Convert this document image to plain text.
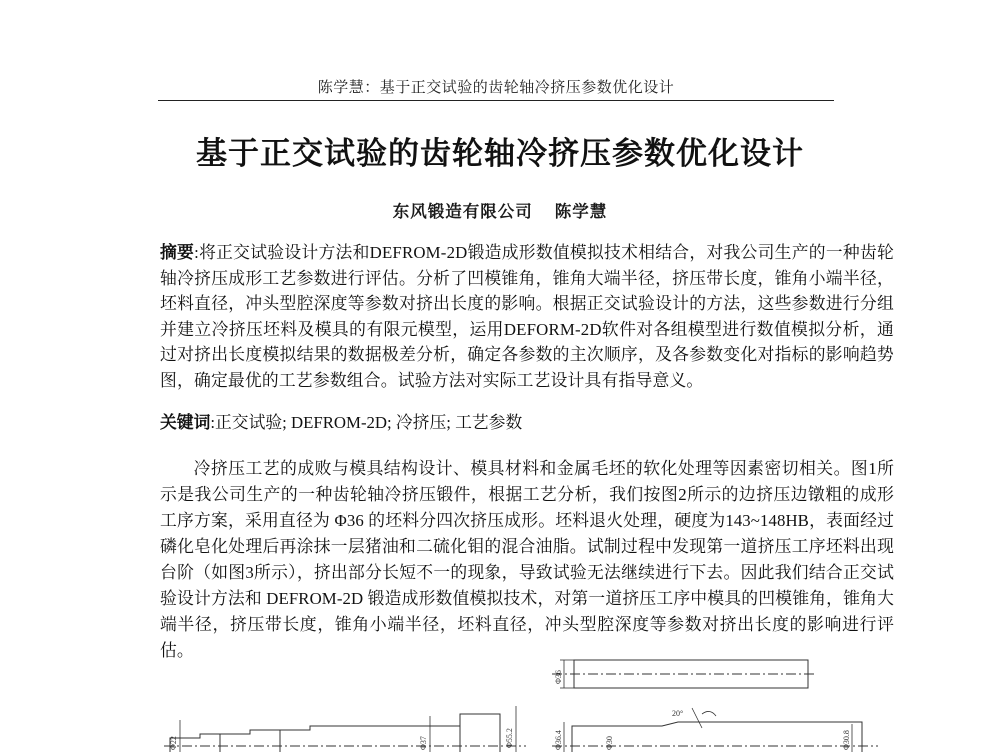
陈学慧：基于正交试验的齿轮轴冷挤压参数优化设计
基于正交试验的齿轮轴冷挤压参数优化设计
东风锻造有限公司 陈学慧
摘要:将正交试验设计方法和DEFROM-2D锻造成形数值模拟技术相结合，对我公司生产的一种齿轮轴冷挤压成形工艺参数进行评估。分析了凹模锥角，锥角大端半径，挤压带长度，锥角小端半径，坯料直径，冲头型腔深度等参数对挤出长度的影响。根据正交试验设计的方法，这些参数进行分组并建立冷挤压坯料及模具的有限元模型，运用DEFORM-2D软件对各组模型进行数值模拟分析，通过对挤出长度模拟结果的数据极差分析，确定各参数的主次顺序，及各参数变化对指标的影响趋势图，确定最优的工艺参数组合。试验方法对实际工艺设计具有指导意义。
关键词:正交试验; DEFROM-2D; 冷挤压; 工艺参数
冷挤压工艺的成败与模具结构设计、模具材料和金属毛坯的软化处理等因素密切相关。图1所示是我公司生产的一种齿轮轴冷挤压锻件，根据工艺分析，我们按图2所示的边挤压边镦粗的成形工序方案，采用直径为 Φ36 的坯料分四次挤压成形。坯料退火处理，硬度为143~148HB，表面经过磷化皂化处理后再涂抹一层猪油和二硫化钼的混合油脂。试制过程中发现第一道挤压工序坯料出现台阶（如图3所示），挤出部分长短不一的现象，导致试验无法继续进行下去。因此我们结合正交试验设计方法和 DEFROM-2D 锻造成形数值模拟技术，对第一道挤压工序中模具的凹模锥角，锥角大端半径，挤压带长度，锥角小端半径，坯料直径，冲头型腔深度等参数对挤出长度的影响进行评估。
Φ22	Φ37	Φ55.2
Φ36
20°
Φ36.4	Φ30	Φ30.8
